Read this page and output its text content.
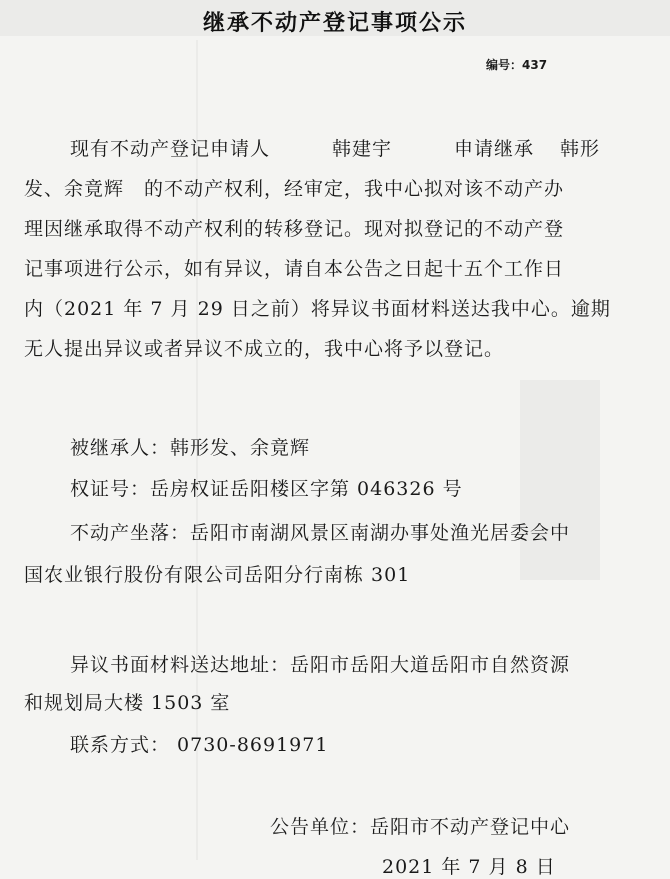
继承不动产登记事项公示
编号：437
现有不动产登记申请人	韩建宇	申请继承 韩形
发、余竟辉 的不动产权利，经审定，我中心拟对该不动产办
理因继承取得不动产权利的转移登记。现对拟登记的不动产登
记事项进行公示，如有异议，请自本公告之日起十五个工作日
内（2021 年 7 月 29 日之前）将异议书面材料送达我中心。逾期
无人提出异议或者异议不成立的，我中心将予以登记。
被继承人：韩形发、余竟辉
权证号：岳房权证岳阳楼区字第 046326 号
不动产坐落：岳阳市南湖风景区南湖办事处渔光居委会中
国农业银行股份有限公司岳阳分行南栋 301
异议书面材料送达地址：岳阳市岳阳大道岳阳市自然资源
和规划局大楼 1503 室
联系方式： 0730-8691971
公告单位：岳阳市不动产登记中心
2021 年 7 月 8 日
